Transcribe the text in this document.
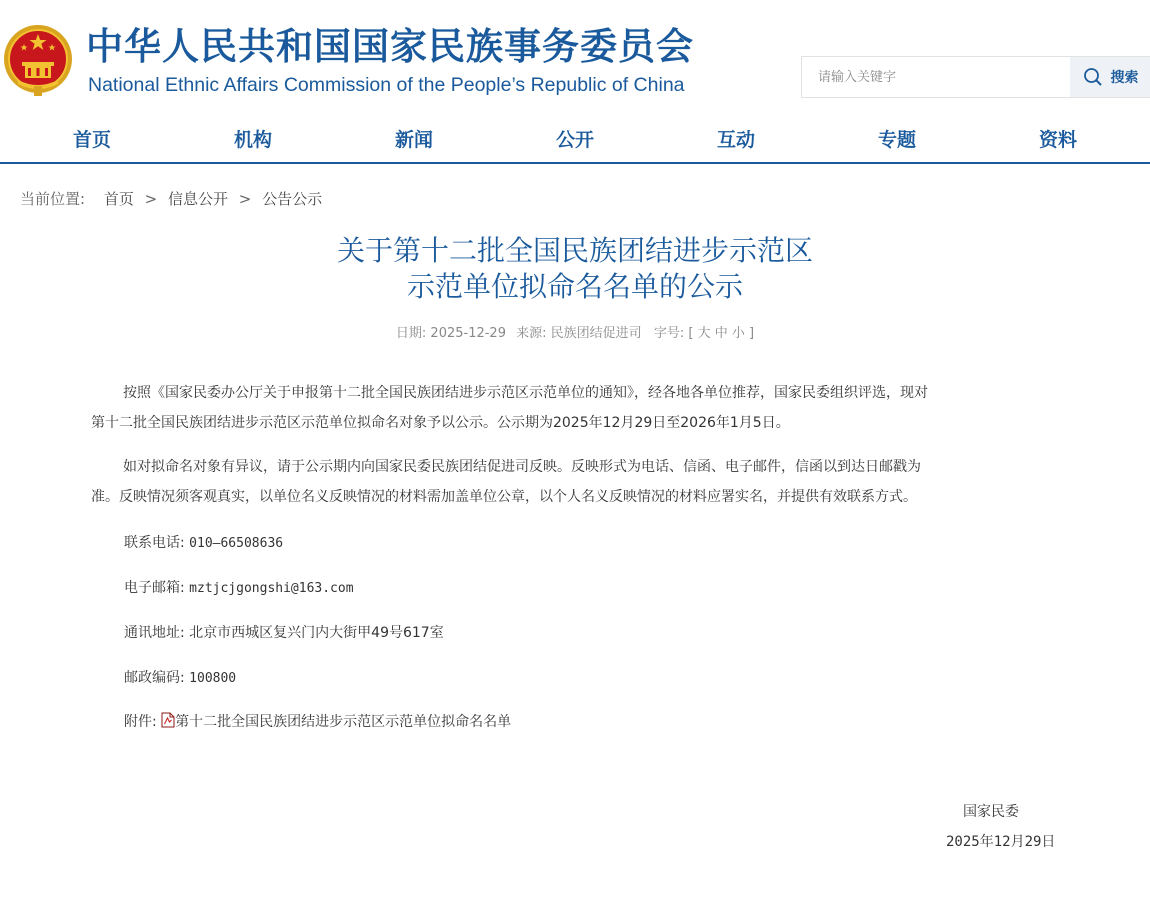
中华人民共和国国家民族事务委员会
National Ethnic Affairs Commission of the People’s Republic of China
请输入关键字	搜索
首页	机构	新闻	公开	互动	专题	资料
当前位置: 首页 > 信息公开 > 公告公示
关于第十二批全国民族团结进步示范区
示范单位拟命名名单的公示
日期: 2025-12-29 来源: 民族团结促进司 字号: [ 大 中 小 ]
按照《国家民委办公厅关于申报第十二批全国民族团结进步示范区示范单位的通知》，经各地各单位推荐，国家民委组织评选，现对
第十二批全国民族团结进步示范区示范单位拟命名对象予以公示。公示期为2025年12月29日至2026年1月5日。
如对拟命名对象有异议，请于公示期内向国家民委民族团结促进司反映。反映形式为电话、信函、电子邮件，信函以到达日邮戳为
准。反映情况须客观真实，以单位名义反映情况的材料需加盖单位公章，以个人名义反映情况的材料应署实名，并提供有效联系方式。
联系电话: 010—66508636
电子邮箱: mztjcjgongshi@163.com
通讯地址: 北京市西城区复兴门内大街甲49号617室
邮政编码: 100800
附件: 第十二批全国民族团结进步示范区示范单位拟命名名单
国家民委
2025年12月29日
